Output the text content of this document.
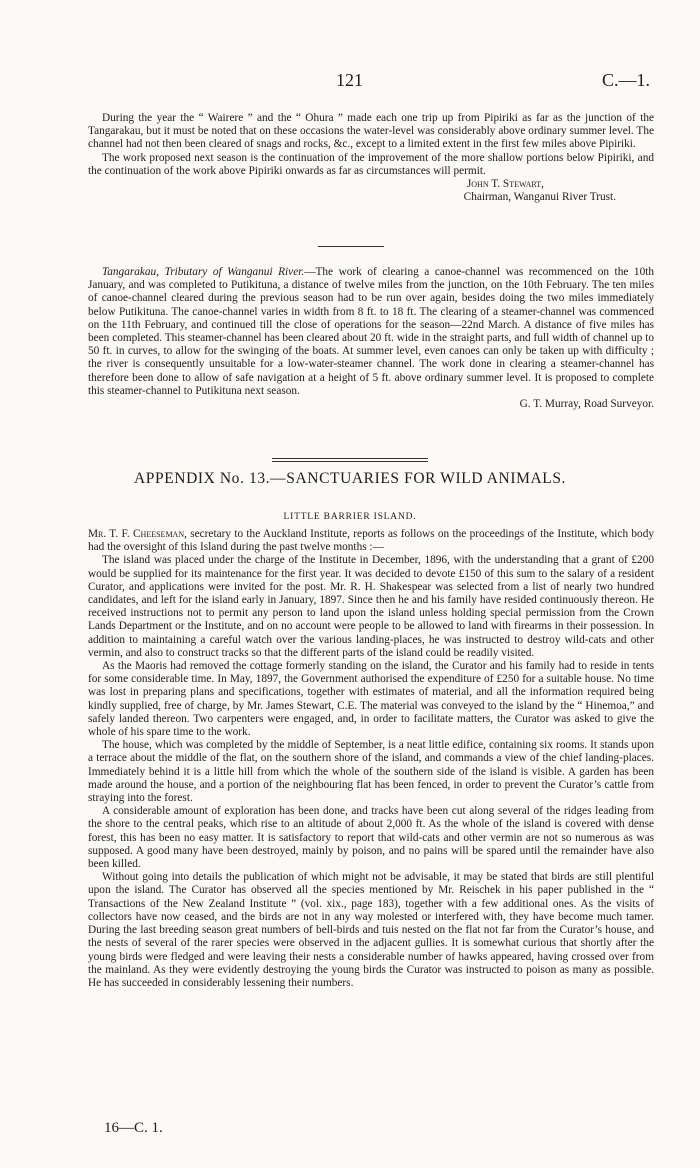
121	C.—1.

During the year the “ Wairere ” and the “ Ohura ” made each one trip up from Pipiriki as far as the junction of the Tangarakau, but it must be noted that on these occasions the water-level was considerably above ordinary summer level. The channel had not then been cleared of snags and rocks, &c., except to a limited extent in the first few miles above Pipiriki.

The work proposed next season is the continuation of the improvement of the more shallow portions below Pipiriki, and the continuation of the work above Pipiriki onwards as far as circumstances will permit.

John T. Stewart,
Chairman, Wanganui River Trust.

Tangarakau, Tributary of Wanganui River.—The work of clearing a canoe-channel was recommenced on the 10th January, and was completed to Putikituna, a distance of twelve miles from the junction, on the 10th February. The ten miles of canoe-channel cleared during the previous season had to be run over again, besides doing the two miles immediately below Putikituna. The canoe-channel varies in width from 8 ft. to 18 ft. The clearing of a steamer-channel was commenced on the 11th February, and continued till the close of operations for the season—22nd March. A distance of five miles has been completed. This steamer-channel has been cleared about 20 ft. wide in the straight parts, and full width of channel up to 50 ft. in curves, to allow for the swinging of the boats. At summer level, even canoes can only be taken up with difficulty ; the river is consequently unsuitable for a low-water-steamer channel. The work done in clearing a steamer-channel has therefore been done to allow of safe navigation at a height of 5 ft. above ordinary summer level. It is proposed to complete this steamer-channel to Putikituna next season.

G. T. Murray, Road Surveyor.
APPENDIX No. 13.—SANCTUARIES FOR WILD ANIMALS.
LITTLE BARRIER ISLAND.

Mr. T. F. Cheeseman, secretary to the Auckland Institute, reports as follows on the proceedings of the Institute, which body had the oversight of this Island during the past twelve months :—

The island was placed under the charge of the Institute in December, 1896, with the understanding that a grant of £200 would be supplied for its maintenance for the first year. It was decided to devote £150 of this sum to the salary of a resident Curator, and applications were invited for the post. Mr. R. H. Shakespear was selected from a list of nearly two hundred candidates, and left for the island early in January, 1897. Since then he and his family have resided continuously thereon. He received instructions not to permit any person to land upon the island unless holding special permission from the Crown Lands Department or the Institute, and on no account were people to be allowed to land with firearms in their possession. In addition to maintaining a careful watch over the various landing-places, he was instructed to destroy wild-cats and other vermin, and also to construct tracks so that the different parts of the island could be readily visited.

As the Maoris had removed the cottage formerly standing on the island, the Curator and his family had to reside in tents for some considerable time. In May, 1897, the Government authorised the expenditure of £250 for a suitable house. No time was lost in preparing plans and specifications, together with estimates of material, and all the information required being kindly supplied, free of charge, by Mr. James Stewart, C.E. The material was conveyed to the island by the “ Hinemoa,” and safely landed thereon. Two carpenters were engaged, and, in order to facilitate matters, the Curator was asked to give the whole of his spare time to the work.

The house, which was completed by the middle of September, is a neat little edifice, containing six rooms. It stands upon a terrace about the middle of the flat, on the southern shore of the island, and commands a view of the chief landing-places. Immediately behind it is a little hill from which the whole of the southern side of the island is visible. A garden has been made around the house, and a portion of the neighbouring flat has been fenced, in order to prevent the Curator’s cattle from straying into the forest.

A considerable amount of exploration has been done, and tracks have been cut along several of the ridges leading from the shore to the central peaks, which rise to an altitude of about 2,000 ft. As the whole of the island is covered with dense forest, this has been no easy matter. It is satisfactory to report that wild-cats and other vermin are not so numerous as was supposed. A good many have been destroyed, mainly by poison, and no pains will be spared until the remainder have also been killed.

Without going into details the publication of which might not be advisable, it may be stated that birds are still plentiful upon the island. The Curator has observed all the species mentioned by Mr. Reischek in his paper published in the “ Transactions of the New Zealand Institute ” (vol. xix., page 183), together with a few additional ones. As the visits of collectors have now ceased, and the birds are not in any way molested or interfered with, they have become much tamer. During the last breeding season great numbers of bell-birds and tuis nested on the flat not far from the Curator’s house, and the nests of several of the rarer species were observed in the adjacent gullies. It is somewhat curious that shortly after the young birds were fledged and were leaving their nests a considerable number of hawks appeared, having crossed over from the mainland. As they were evidently destroying the young birds the Curator was instructed to poison as many as possible. He has succeeded in considerably lessening their numbers.

16—C. 1.
